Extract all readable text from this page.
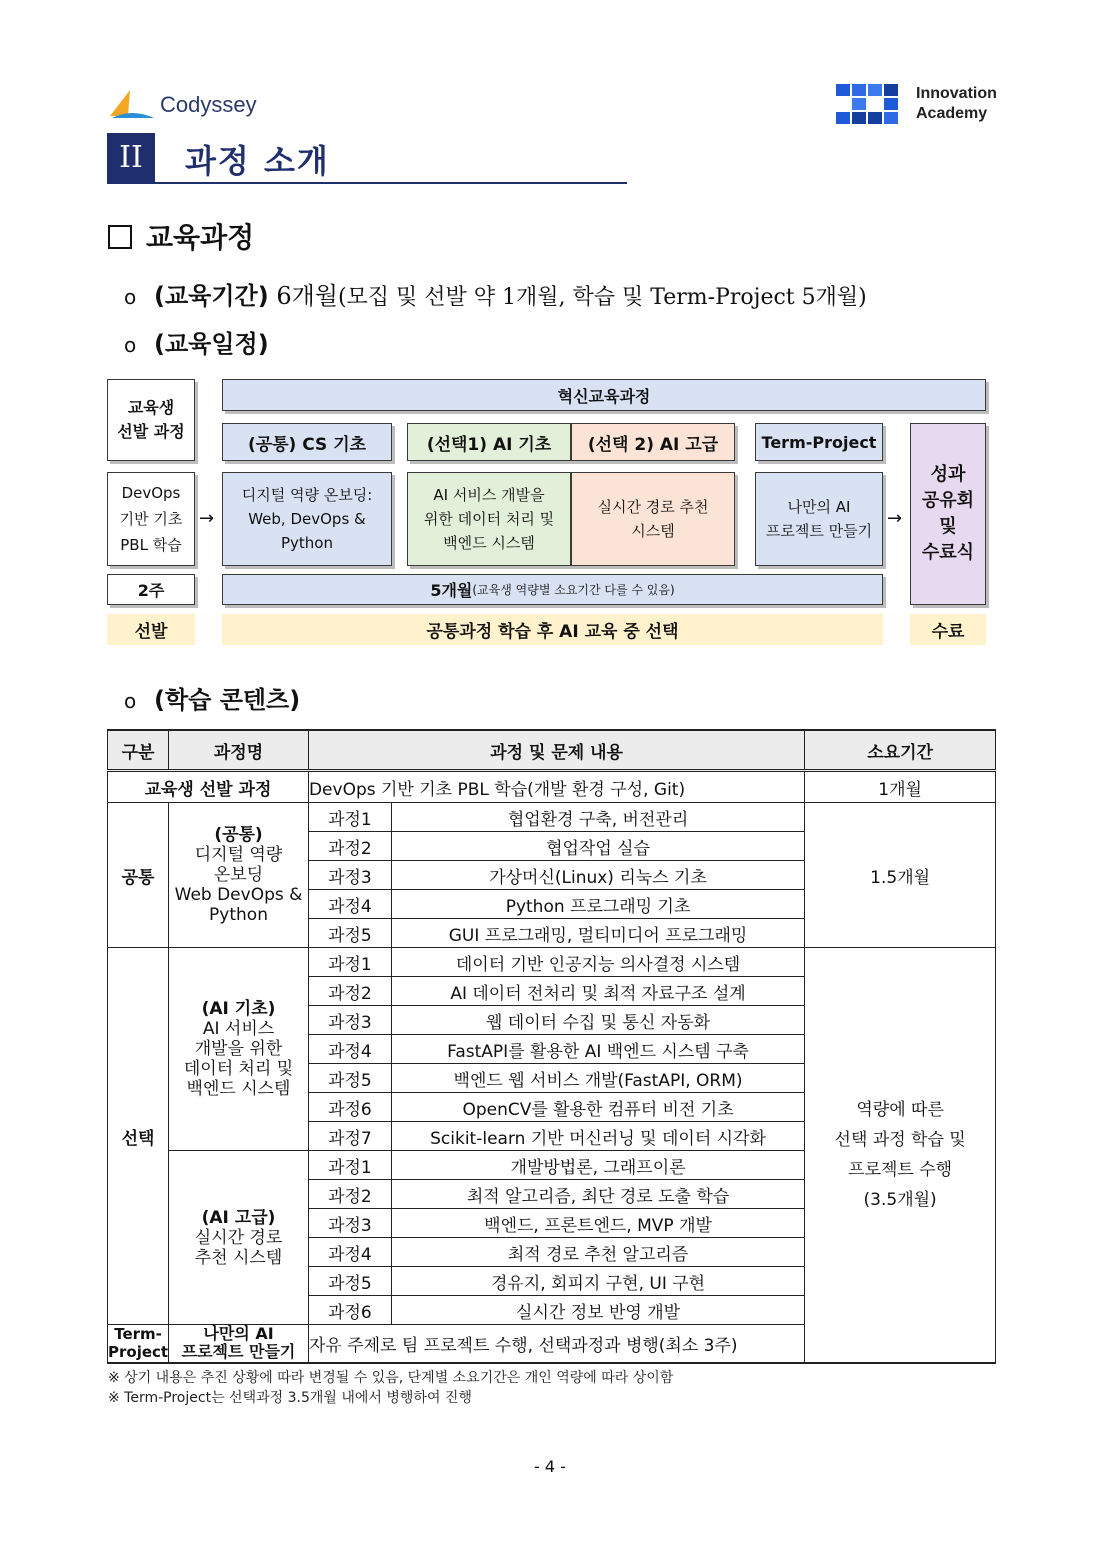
Codyssey	Innovation
Academy
II	과정 소개
교육과정
o (교육기간) 6개월(모집 및 선발 약 1개월, 학습 및 Term-Project 5개월)
o (교육일정)
교육생
선발 과정
혁신교육과정
(공통) CS 기초	(선택1) AI 기초	(선택 2) AI 고급	Term-Project
성과
공유회
및
수료식
DevOps
기반 기초
PBL 학습
→
디지털 역량 온보딩:
Web, DevOps &
Python
AI 서비스 개발을
위한 데이터 처리 및
백엔드 시스템
실시간 경로 추천
시스템
나만의 AI
프로젝트 만들기
→
2주	5개월 (교육생 역량별 소요기간 다를 수 있음)
선발	공통과정 학습 후 AI 교육 중 선택	수료
o (학습 콘텐츠)
구분	과정명	과정 및 문제 내용		소요기간
교육생 선발 과정		DevOps 기반 기초 PBL 학습(개발 환경 구성, Git)		1개월
공통	(공통)
디지털 역량
온보딩
Web DevOps &
Python	과정1	협업환경 구축, 버전관리	1.5개월
		과정2	협업작업 실습	
		과정3	가상머신(Linux) 리눅스 기초	
		과정4	Python 프로그래밍 기초	
		과정5	GUI 프로그래밍, 멀티미디어 프로그래밍	
선택	(AI 기초)
AI 서비스
개발을 위한
데이터 처리 및
백엔드 시스템	과정1	데이터 기반 인공지능 의사결정 시스템	역량에 따른
선택 과정 학습 및
프로젝트 수행
(3.5개월)
		과정2	AI 데이터 전처리 및 최적 자료구조 설계	
		과정3	웹 데이터 수집 및 통신 자동화	
		과정4	FastAPI를 활용한 AI 백엔드 시스템 구축	
		과정5	백엔드 웹 서비스 개발(FastAPI, ORM)	
		과정6	OpenCV를 활용한 컴퓨터 비전 기초	
		과정7	Scikit-learn 기반 머신러닝 및 데이터 시각화	
	(AI 고급)
실시간 경로
추천 시스템	과정1	개발방법론, 그래프이론	
		과정2	최적 알고리즘, 최단 경로 도출 학습	
		과정3	백엔드, 프론트엔드, MVP 개발	
		과정4	최적 경로 추천 알고리즘	
		과정5	경유지, 회피지 구현, UI 구현	
		과정6	실시간 정보 반영 개발	
Term-
Project	나만의 AI
프로젝트 만들기	자유 주제로 팀 프로젝트 수행, 선택과정과 병행(최소 3주)		
※ 상기 내용은 추진 상황에 따라 변경될 수 있음, 단계별 소요기간은 개인 역량에 따라 상이함
※ Term-Project는 선택과정 3.5개월 내에서 병행하여 진행
- 4 -
